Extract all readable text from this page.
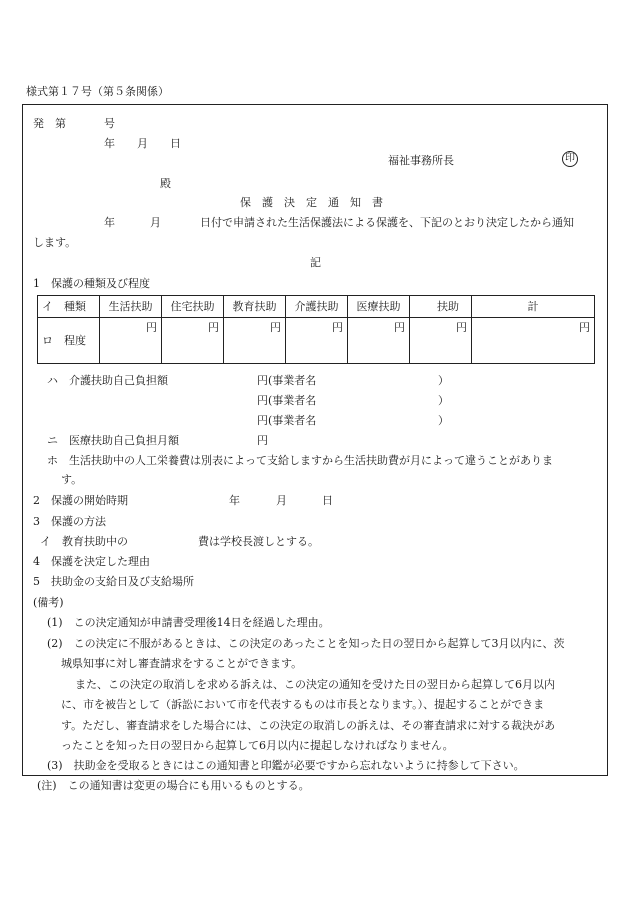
様式第１７号（第５条関係）
発　第	号
年　　月　　日
福祉事務所長	印
殿
保　護　決　定　通　知　書
年	月	日付で申請された生活保護法による保護を、下記のとおり決定したから通知
します。
記
1　保護の種類及び程度
イ　種類	生活扶助	住宅扶助	教育扶助	介護扶助	医療扶助	扶助	計
ロ　程度	円	円	円	円	円	円	円
ハ　介護扶助自己負担額	円(事業者名	）
円(事業者名	）
円(事業者名	）
ニ　医療扶助自己負担月額	円
ホ　生活扶助中の人工栄養費は別表によって支給しますから生活扶助費が月によって違うことがありま
す。
2　保護の開始時期	年	月	日
3　保護の方法
イ　教育扶助中の	費は学校長渡しとする。
4　保護を決定した理由
5　扶助金の支給日及び支給場所
(備考)
(1)　この決定通知が申請書受理後14日を経過した理由。
(2)　この決定に不服があるときは、この決定のあったことを知った日の翌日から起算して3月以内に、茨
城県知事に対し審査請求をすることができます。
また、この決定の取消しを求める訴えは、この決定の通知を受けた日の翌日から起算して6月以内
に、市を被告として（訴訟において市を代表するものは市長となります。）、提起することができま
す。ただし、審査請求をした場合には、この決定の取消しの訴えは、その審査請求に対する裁決があ
ったことを知った日の翌日から起算して6月以内に提起しなければなりません。
(3)　扶助金を受取るときにはこの通知書と印鑑が必要ですから忘れないように持参して下さい。
(注)　この通知書は変更の場合にも用いるものとする。
